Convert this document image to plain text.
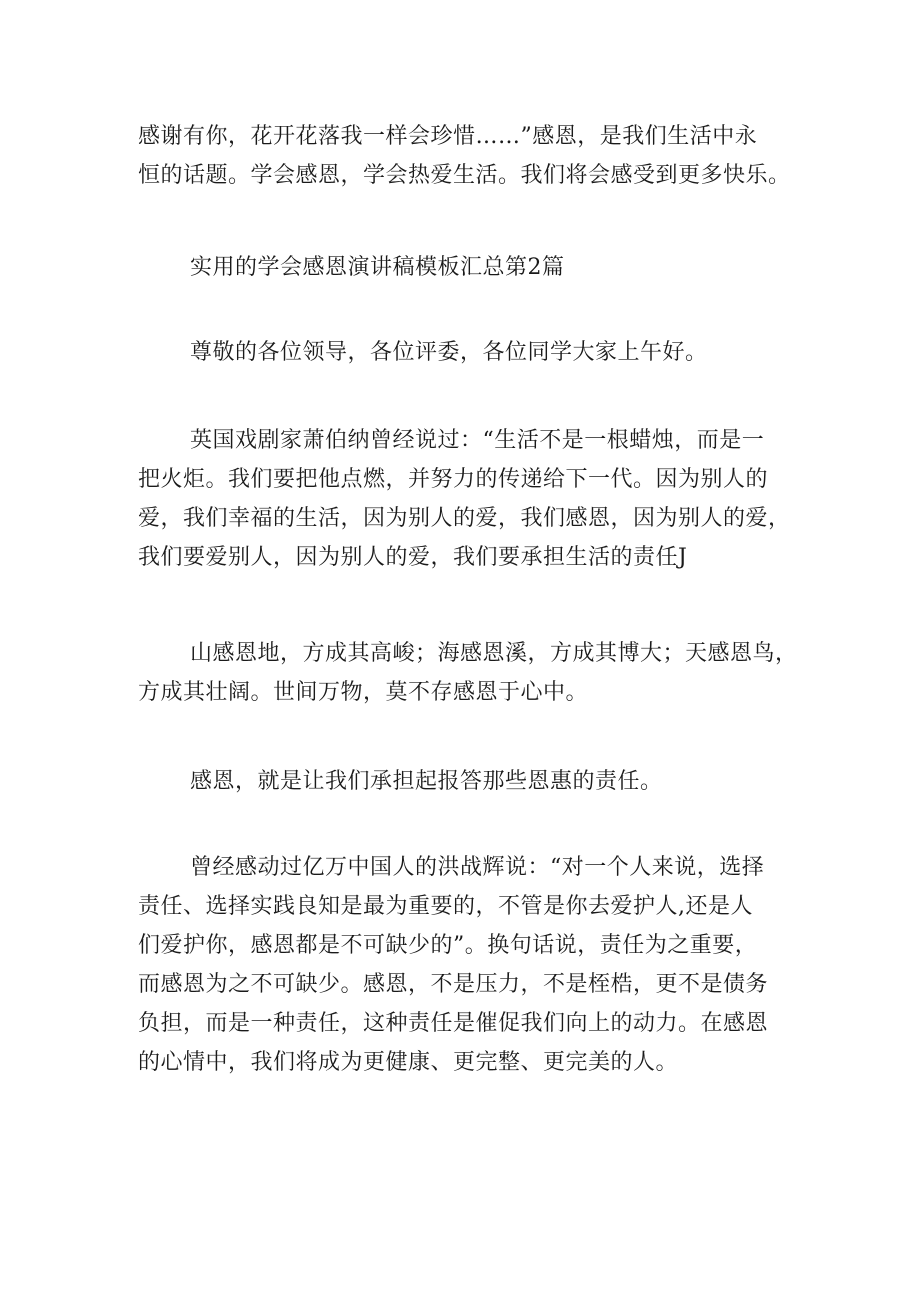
感谢有你，花开花落我一样会珍惜……”感恩，是我们生活中永
恒的话题。学会感恩，学会热爱生活。我们将会感受到更多快乐。

实用的学会感恩演讲稿模板汇总第2篇

尊敬的各位领导，各位评委，各位同学大家上午好。

英国戏剧家萧伯纳曾经说过：“生活不是一根蜡烛，而是一
把火炬。我们要把他点燃，并努力的传递给下一代。因为别人的
爱，我们幸福的生活，因为别人的爱，我们感恩，因为别人的爱，
我们要爱别人，因为别人的爱，我们要承担生活的责任J

山感恩地，方成其高峻；海感恩溪，方成其博大；天感恩鸟，
方成其壮阔。世间万物，莫不存感恩于心中。

感恩，就是让我们承担起报答那些恩惠的责任。

曾经感动过亿万中国人的洪战辉说：“对一个人来说，选择
责任、选择实践良知是最为重要的，不管是你去爱护人,还是人
们爱护你，感恩都是不可缺少的”。换句话说，责任为之重要，
而感恩为之不可缺少。感恩，不是压力，不是桎梏，更不是债务
负担，而是一种责任，这种责任是催促我们向上的动力。在感恩
的心情中，我们将成为更健康、更完整、更完美的人。
